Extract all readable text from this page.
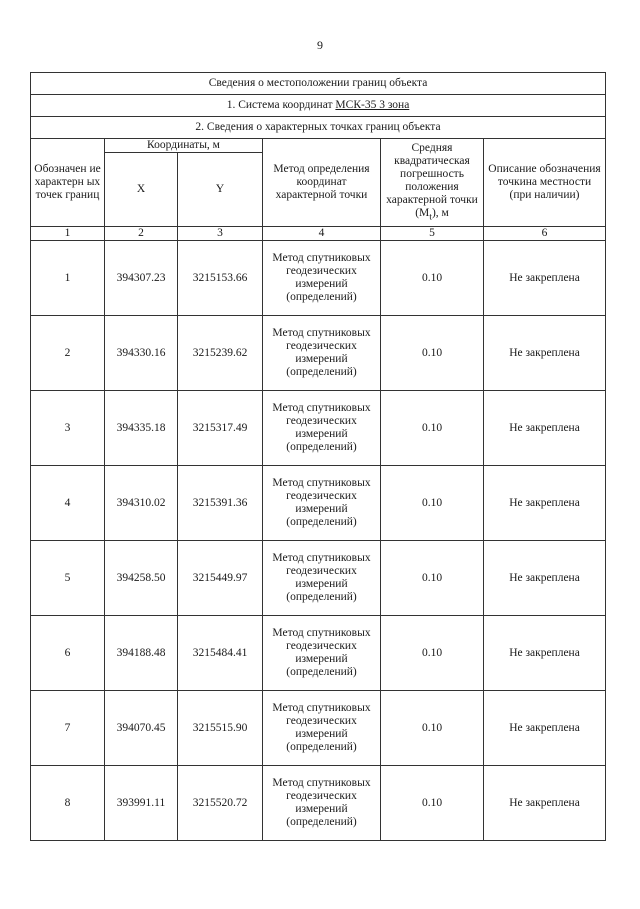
9
Сведения о местоположении границ объекта					
1. Система координат МСК-35 3 зона					
2. Сведения о характерных точках границ объекта					
Обозначен ие характерн ых точек границ	Координаты, м		Метод определения координат характерной точки	Средняя квадратическая погрешность положения характерной точки $(M_t)$, м	Описание обозначения точкина местности (при наличии)
	X	Y			
1	2	3	4	5	6
1	394307.23	3215153.66	Метод спутниковых геодезических измерений (определений)	0.10	Не закреплена
2	394330.16	3215239.62	Метод спутниковых геодезических измерений (определений)	0.10	Не закреплена
3	394335.18	3215317.49	Метод спутниковых геодезических измерений (определений)	0.10	Не закреплена
4	394310.02	3215391.36	Метод спутниковых геодезических измерений (определений)	0.10	Не закреплена
5	394258.50	3215449.97	Метод спутниковых геодезических измерений (определений)	0.10	Не закреплена
6	394188.48	3215484.41	Метод спутниковых геодезических измерений (определений)	0.10	Не закреплена
7	394070.45	3215515.90	Метод спутниковых геодезических измерений (определений)	0.10	Не закреплена
8	393991.11	3215520.72	Метод спутниковых геодезических измерений (определений)	0.10	Не закреплена
